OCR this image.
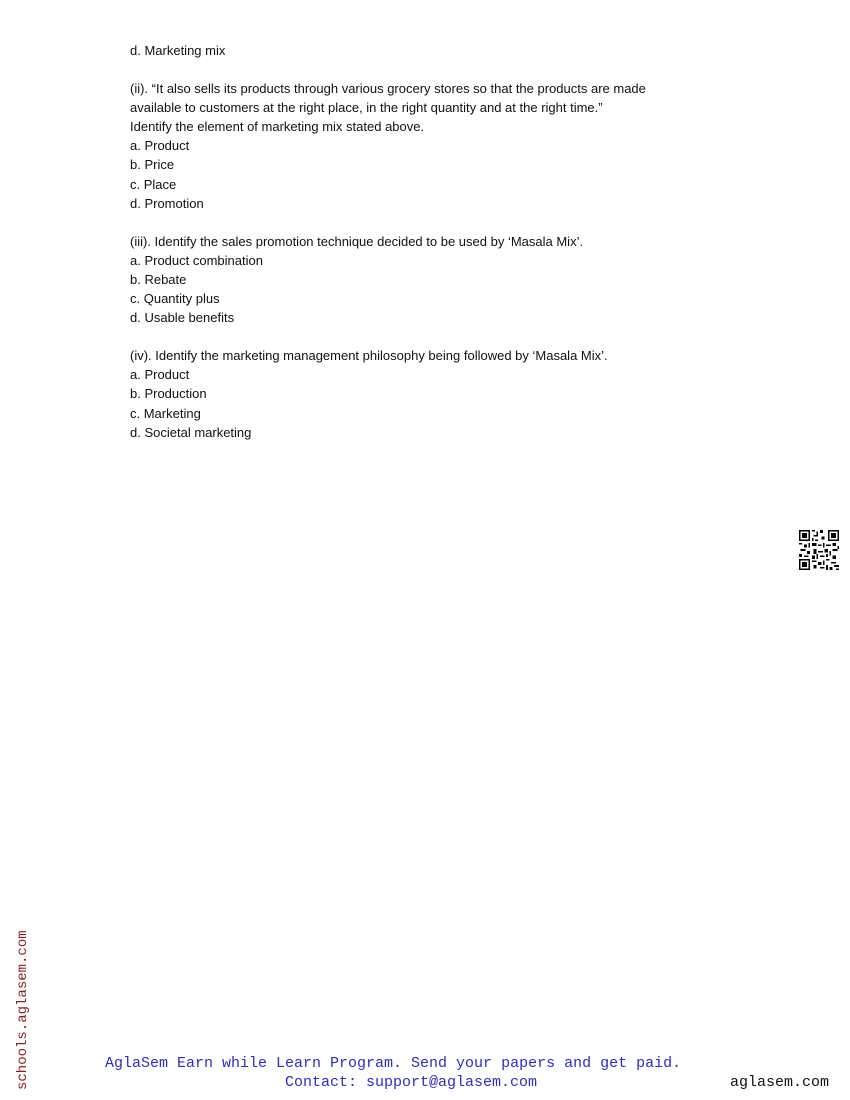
d. Marketing mix
(ii). “It also sells its products through various grocery stores so that the products are made
available to customers at the right place, in the right quantity and at the right time.”
Identify the element of marketing mix stated above.
a. Product
b. Price
c. Place
d. Promotion
(iii). Identify the sales promotion technique decided to be used by ‘Masala Mix’.
a. Product combination
b. Rebate
c. Quantity plus
d. Usable benefits
(iv). Identify the marketing management philosophy being followed by ‘Masala Mix’.
a. Product
b. Production
c. Marketing
d. Societal marketing
schools.aglasem.com	AglaSem Earn while Learn Program. Send your papers and get paid.
Contact: support@aglasem.com	aglasem.com
